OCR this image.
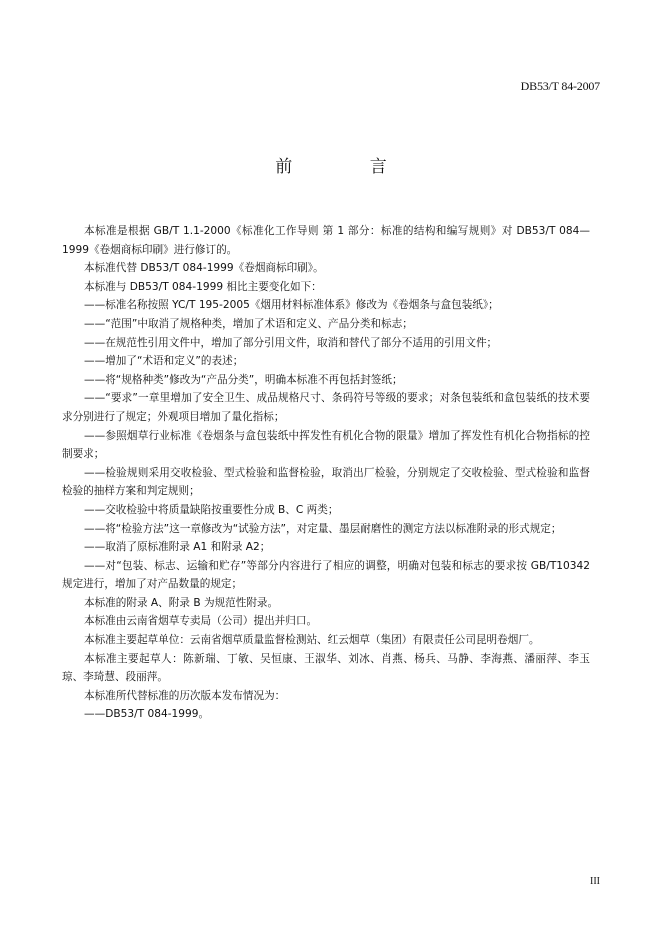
DB53/T 84-2007
前 言

本标准是根据 GB/T 1.1-2000《标准化工作导则 第 1 部分：标准的结构和编写规则》对 DB53/T 084—1999《卷烟商标印刷》进行修订的。

本标准代替 DB53/T 084-1999《卷烟商标印刷》。

本标准与 DB53/T 084-1999 相比主要变化如下：

——标准名称按照 YC/T 195-2005《烟用材料标准体系》修改为《卷烟条与盒包装纸》；

——“范围”中取消了规格种类，增加了术语和定义、产品分类和标志；

——在规范性引用文件中，增加了部分引用文件，取消和替代了部分不适用的引用文件；

——增加了“术语和定义”的表述；

——将“规格种类”修改为“产品分类”，明确本标准不再包括封签纸；

——“要求”一章里增加了安全卫生、成品规格尺寸、条码符号等级的要求；对条包装纸和盒包装纸的技术要求分别进行了规定；外观项目增加了量化指标；

——参照烟草行业标准《卷烟条与盒包装纸中挥发性有机化合物的限量》增加了挥发性有机化合物指标的控制要求；

——检验规则采用交收检验、型式检验和监督检验，取消出厂检验，分别规定了交收检验、型式检验和监督检验的抽样方案和判定规则；

——交收检验中将质量缺陷按重要性分成 B、C 两类；

——将“检验方法”这一章修改为“试验方法”，对定量、墨层耐磨性的测定方法以标准附录的形式规定；

——取消了原标准附录 A1 和附录 A2；

——对“包装、标志、运输和贮存”等部分内容进行了相应的调整，明确对包装和标志的要求按 GB/T10342 规定进行，增加了对产品数量的规定；

本标准的附录 A、附录 B 为规范性附录。

本标准由云南省烟草专卖局（公司）提出并归口。

本标准主要起草单位：云南省烟草质量监督检测站、红云烟草（集团）有限责任公司昆明卷烟厂。

本标准主要起草人：陈新瑞、丁敏、吴恒康、王淑华、刘冰、肖燕、杨兵、马静、李海燕、潘丽萍、李玉琼、李琦慧、段丽萍。

本标准所代替标准的历次版本发布情况为：

——DB53/T 084-1999。

III
